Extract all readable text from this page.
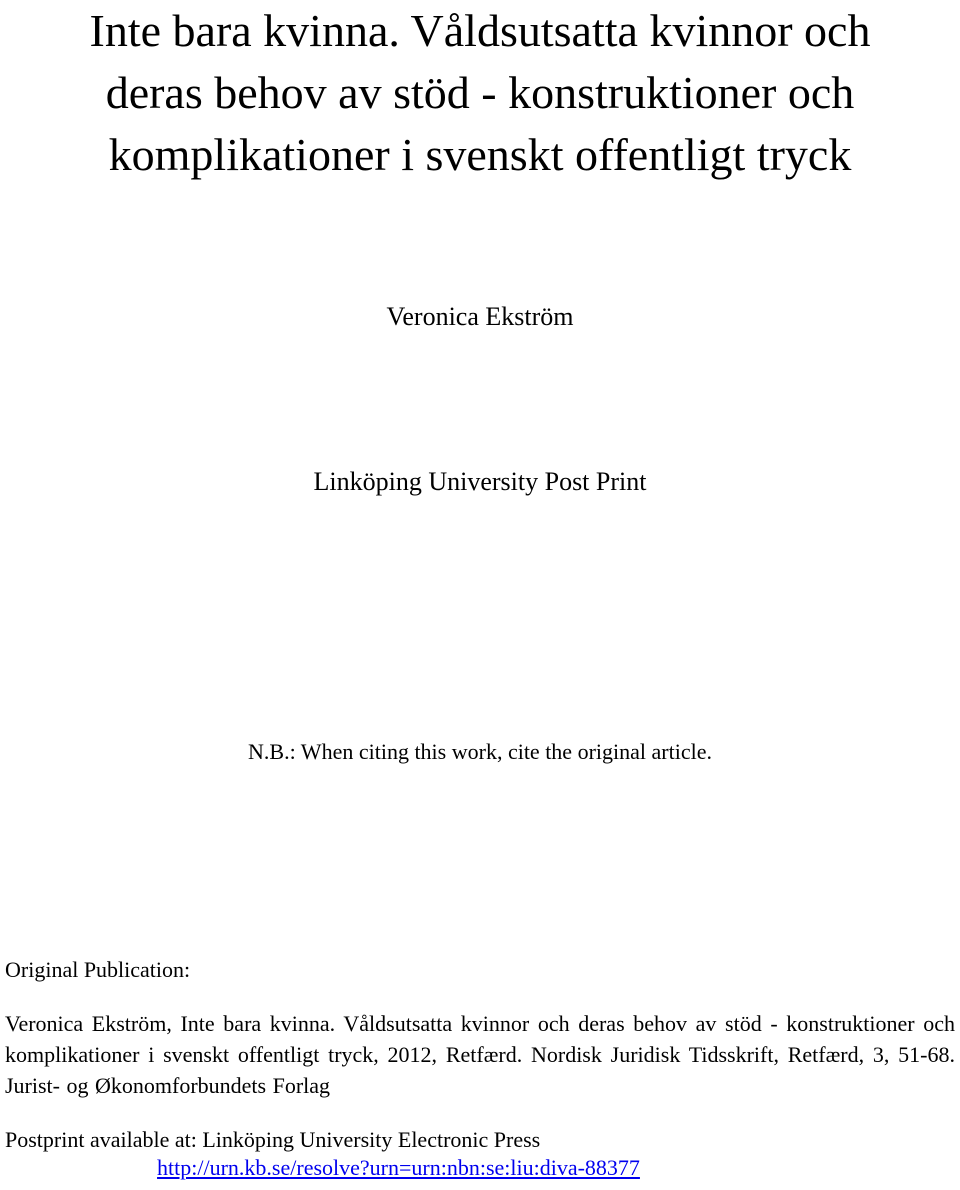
Inte bara kvinna. Våldsutsatta kvinnor och
deras behov av stöd - konstruktioner och
komplikationer i svenskt offentligt tryck
Veronica Ekström
Linköping University Post Print
N.B.: When citing this work, cite the original article.
Original Publication:
Veronica Ekström, Inte bara kvinna. Våldsutsatta kvinnor och deras behov av stöd - konstruktioner och komplikationer i svenskt offentligt tryck, 2012, Retfærd. Nordisk Juridisk Tidsskrift, Retfærd, 3, 51-68. Jurist- og Økonomforbundets Forlag
Postprint available at: Linköping University Electronic Press
http://urn.kb.se/resolve?urn=urn:nbn:se:liu:diva-88377
